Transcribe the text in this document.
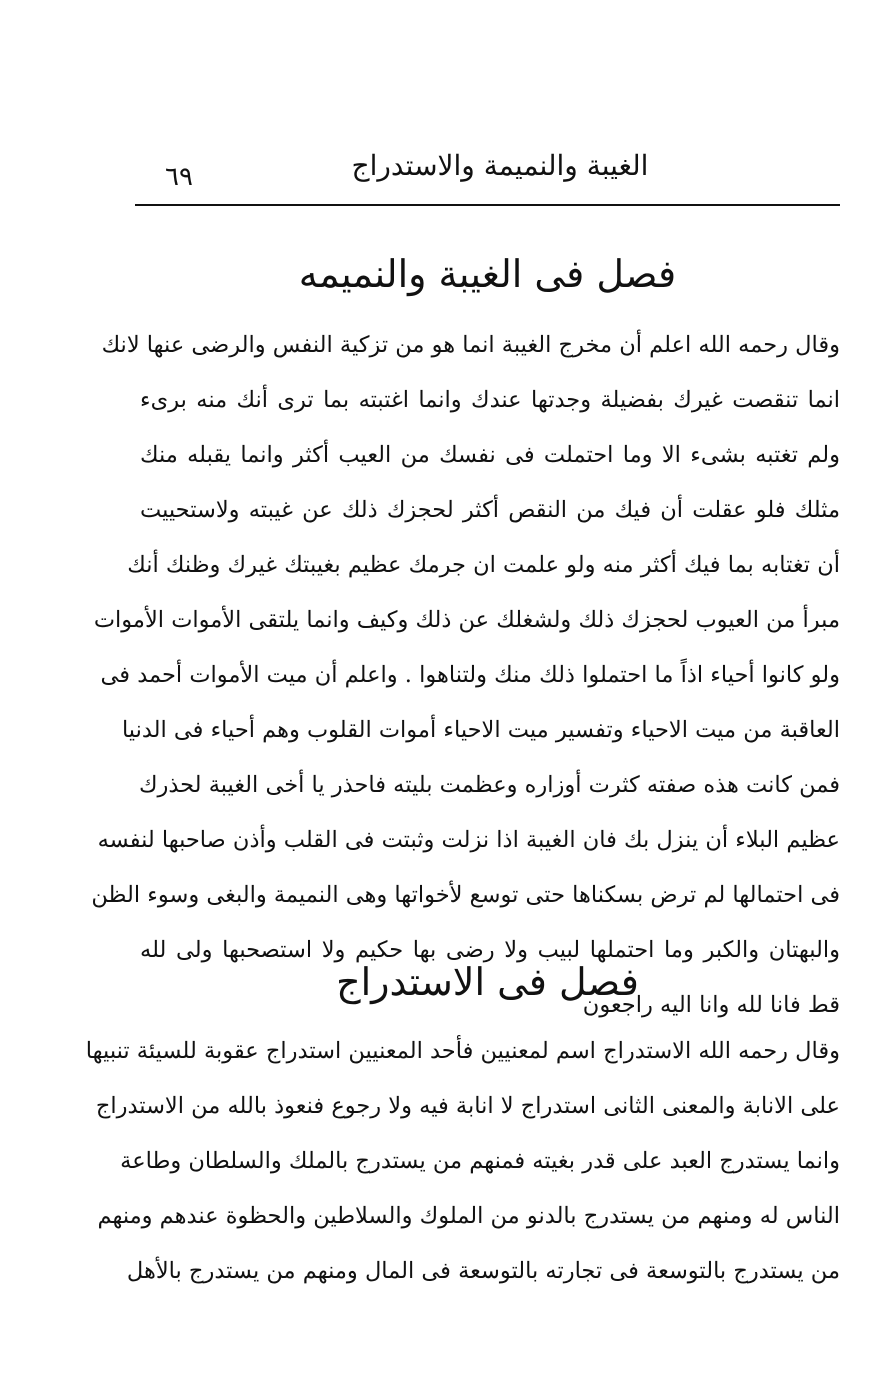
٦٩	الغيبة والنميمة والاستدراج
فصل فى الغيبة والنميمه
وقال رحمه الله اعلم أن مخرج الغيبة انما هو من تزكية النفس والرضى عنها لانك
انما تنقصت غيرك بفضيلة وجدتها عندك وانما اغتبته بما ترى أنك منه برىء
ولم تغتبه بشىء الا وما احتملت فى نفسك من العيب أكثر وانما يقبله منك
مثلك فلو عقلت أن فيك من النقص أكثر لحجزك ذلك عن غيبته ولاستحييت
أن تغتابه بما فيك أكثر منه ولو علمت ان جرمك عظيم بغيبتك غيرك وظنك أنك
مبرأ من العيوب لحجزك ذلك ولشغلك عن ذلك وكيف وانما يلتقى الأموات الأموات
ولو كانوا أحياء اذاً ما احتملوا ذلك منك ولتناهوا . واعلم أن ميت الأموات أحمد فى
العاقبة من ميت الاحياء وتفسير ميت الاحياء أموات القلوب وهم أحياء فى الدنيا
فمن كانت هذه صفته كثرت أوزاره وعظمت بليته فاحذر يا أخى الغيبة لحذرك
عظيم البلاء أن ينزل بك فان الغيبة اذا نزلت وثبتت فى القلب وأذن صاحبها لنفسه
فى احتمالها لم ترض بسكناها حتى توسع لأخواتها وهى النميمة والبغى وسوء الظن
والبهتان والكبر وما احتملها لبيب ولا رضى بها حكيم ولا استصحبها ولى لله
قط فانا لله وانا اليه راجعون
فصل فى الاستدراج
وقال رحمه الله الاستدراج اسم لمعنيين فأحد المعنيين استدراج عقوبة للسيئة تنبيها
على الانابة والمعنى الثانى استدراج لا انابة فيه ولا رجوع فنعوذ بالله من الاستدراج
وانما يستدرج العبد على قدر بغيته فمنهم من يستدرج بالملك والسلطان وطاعة
الناس له ومنهم من يستدرج بالدنو من الملوك والسلاطين والحظوة عندهم ومنهم
من يستدرج بالتوسعة فى تجارته بالتوسعة فى المال ومنهم من يستدرج بالأهل
